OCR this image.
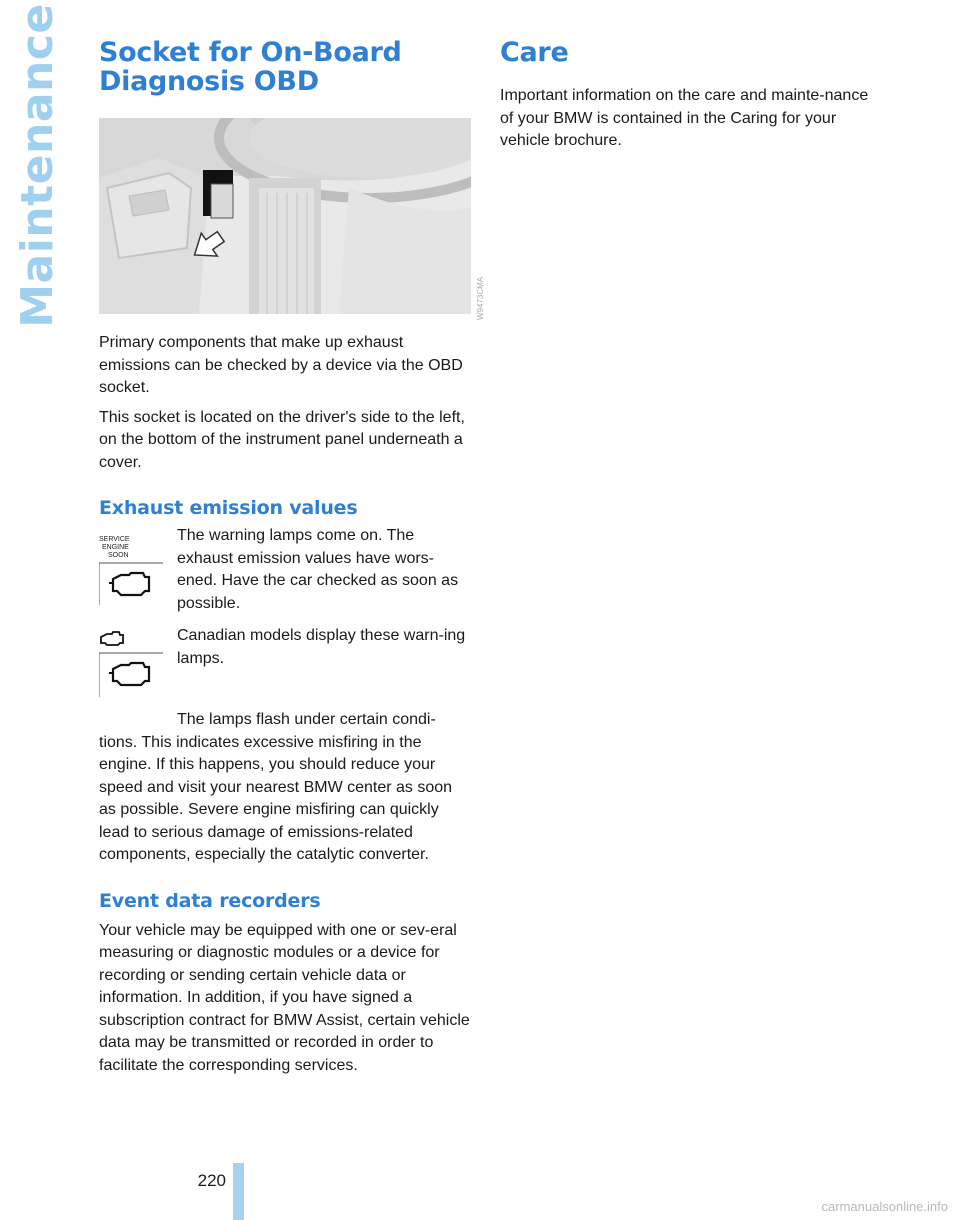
Maintenance Socket for On-Board
Diagnosis OBD

Primary components that make up exhaust emissions can be checked by a device via the OBD socket.

This socket is located on the driver's side to the left, on the bottom of the instrument panel underneath a cover.

Exhaust emission values
SERVICE
ENGINE
SOON

The warning lamps come on. The exhaust emission values have wors-ened. Have the car checked as soon as possible.

Canadian models display these warn-ing lamps.

The lamps flash under certain condi- tions. This indicates excessive misfiring in the engine. If this happens, you should reduce your speed and visit your nearest BMW center as soon as possible. Severe engine misfiring can quickly lead to serious damage of emissions-related components, especially the catalytic converter.

Event data recorders

Your vehicle may be equipped with one or sev-eral measuring or diagnostic modules or a device for recording or sending certain vehicle data or information. In addition, if you have signed a subscription contract for BMW Assist, certain vehicle data may be transmitted or recorded in order to facilitate the corresponding services.

W9473CMA
Care

Important information on the care and mainte-nance of your BMW is contained in the Caring for your vehicle brochure.

220
carmanualsonline.info
